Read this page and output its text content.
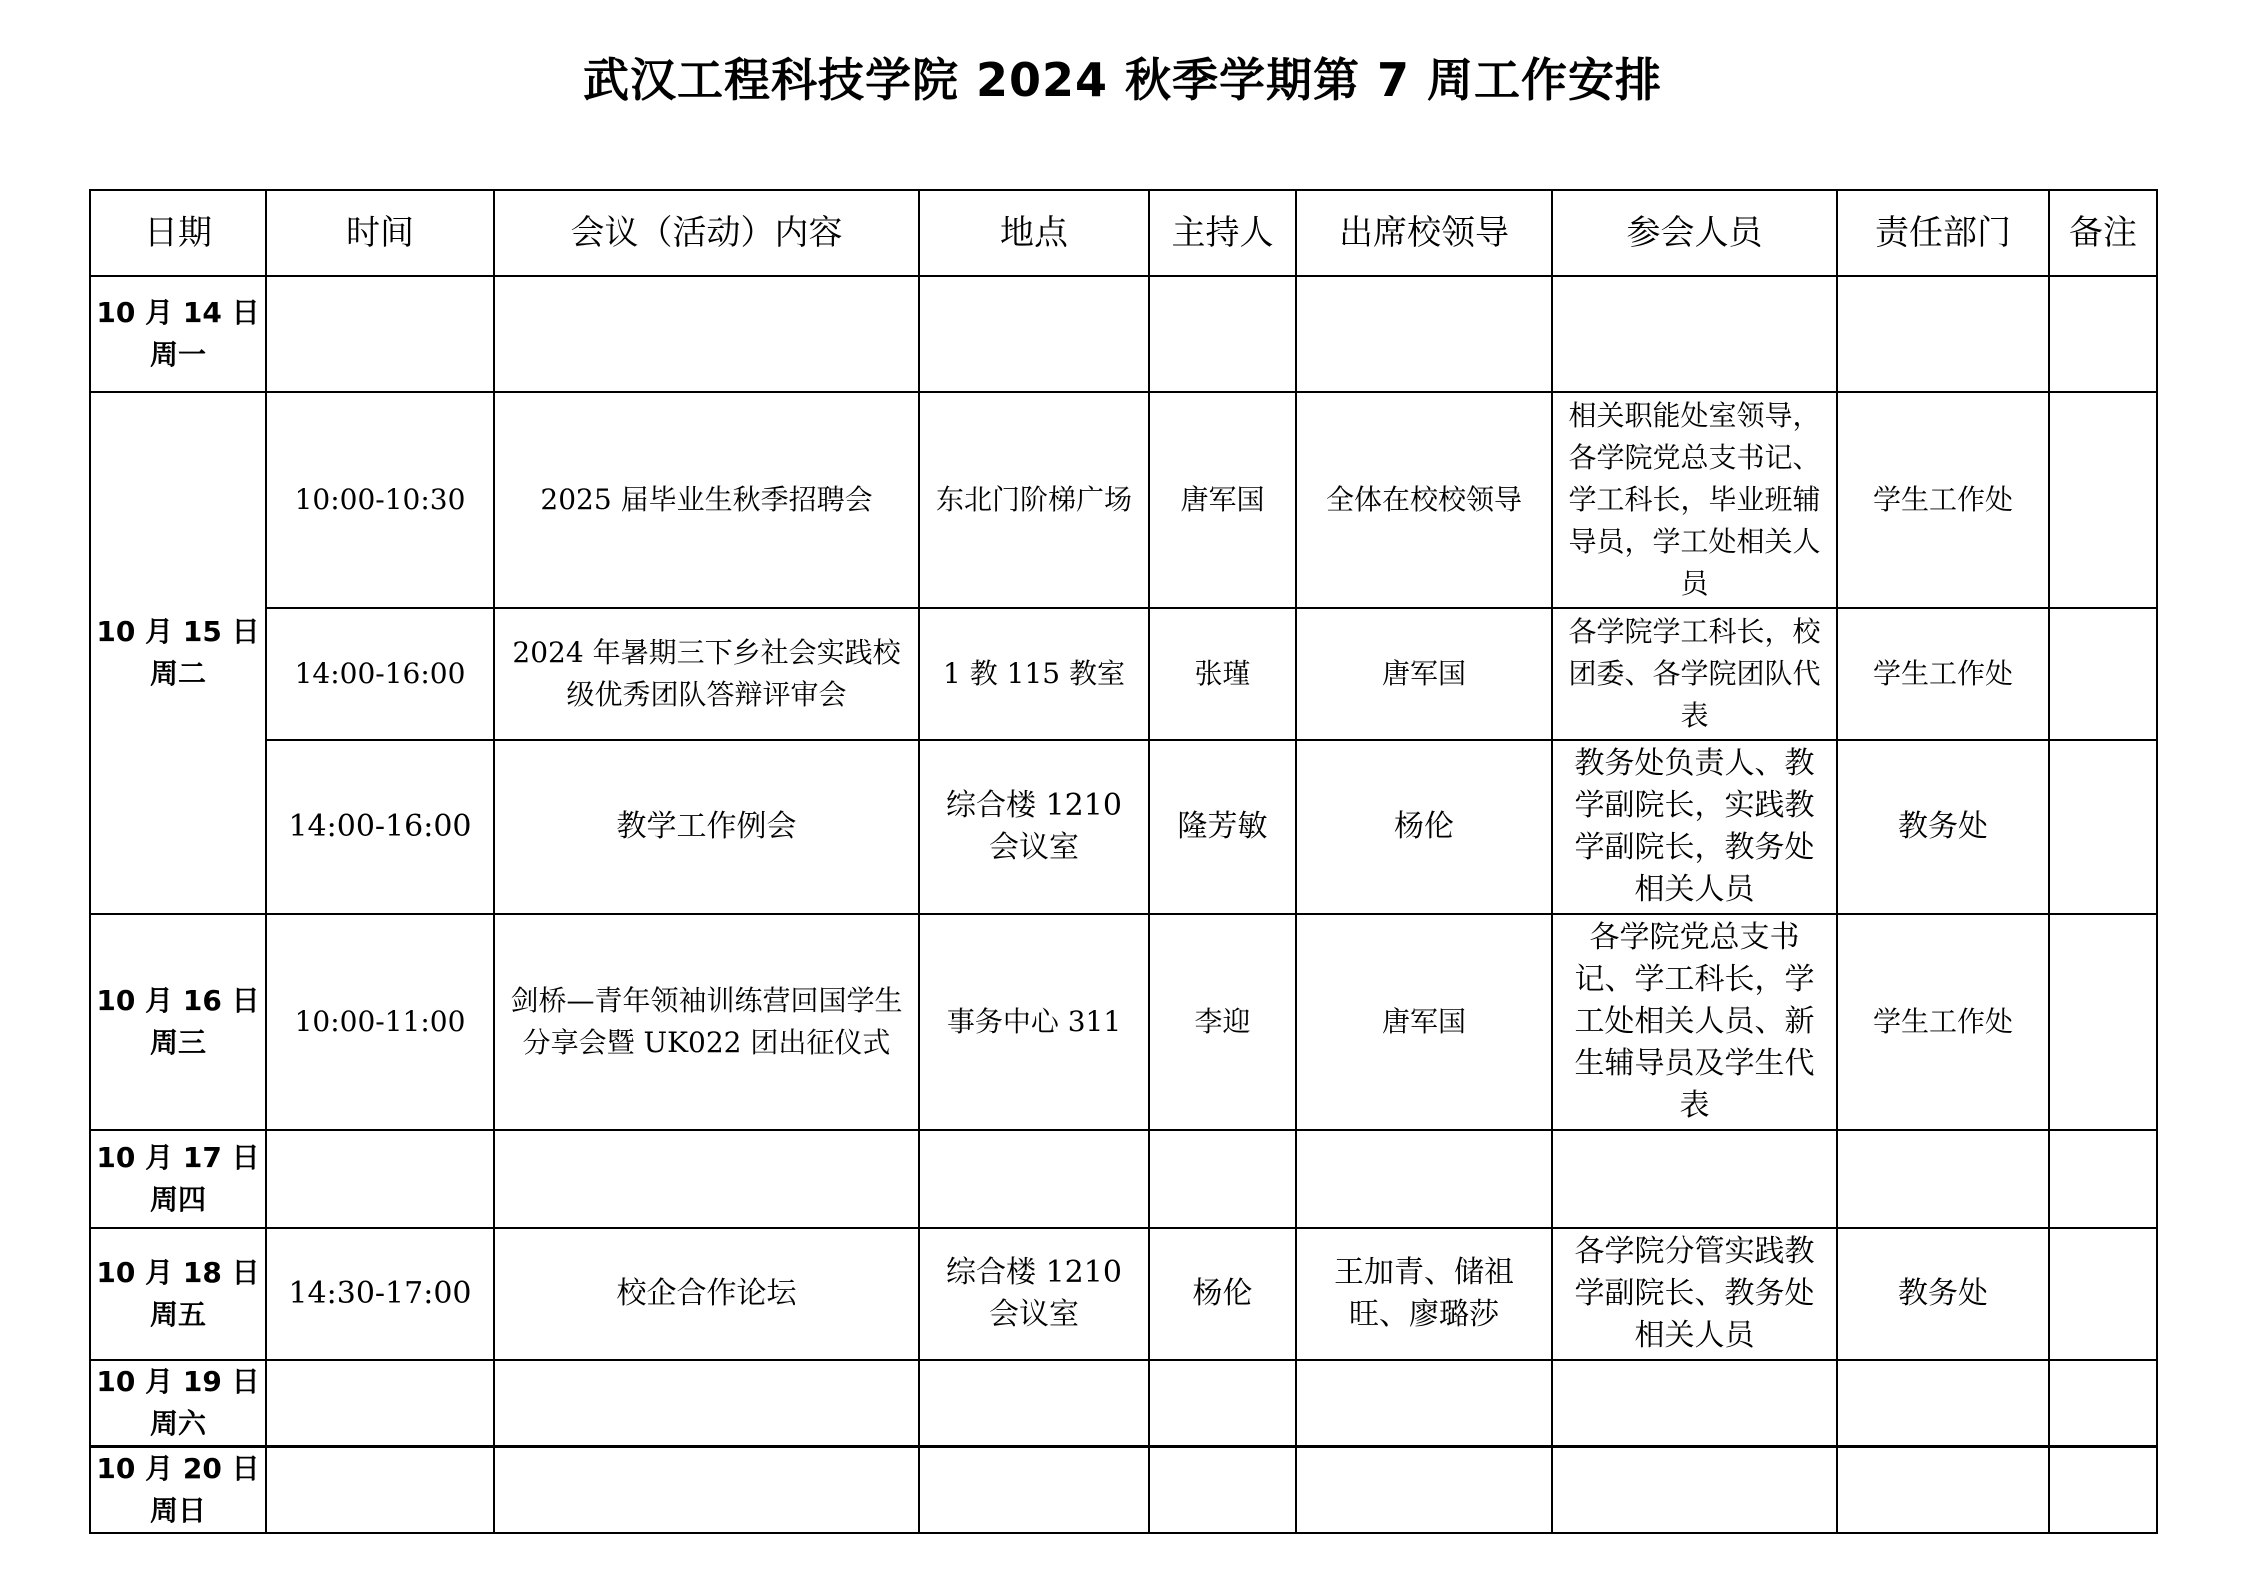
武汉工程科技学院 2024 秋季学期第 7 周工作安排
日期	时间	会议（活动）内容	地点	主持人	出席校领导	参会人员	责任部门	备注

10 月 14 日
周一								

10 月 15 日
周二	10:00-10:30	2025 届毕业生秋季招聘会	东北门阶梯广场	唐军国	全体在校校领导	相关职能处室领导，各学院党总支书记、学工科长，毕业班辅导员，学工处相关人员	学生工作处	
	14:00-16:00	2024 年暑期三下乡社会实践校级优秀团队答辩评审会	1 教 115 教室	张瑾	唐军国	各学院学工科长，校团委、各学院团队代表	学生工作处	
	14:00-16:00	教学工作例会	综合楼 1210 会议室	隆芳敏	杨伦	教务处负责人、教学副院长，实践教学副院长，教务处相关人员	教务处	

10 月 16 日
周三	10:00-11:00	剑桥—青年领袖训练营回国学生分享会暨 UK022 团出征仪式	事务中心 311	李迎	唐军国	各学院党总支书记、学工科长，学工处相关人员、新生辅导员及学生代表	学生工作处	

10 月 17 日
周四								

10 月 18 日
周五	14:30-17:00	校企合作论坛	综合楼 1210 会议室	杨伦	王加青、储祖旺、廖璐莎	各学院分管实践教学副院长、教务处相关人员	教务处	

10 月 19 日
周六								

10 月 20 日
周日
